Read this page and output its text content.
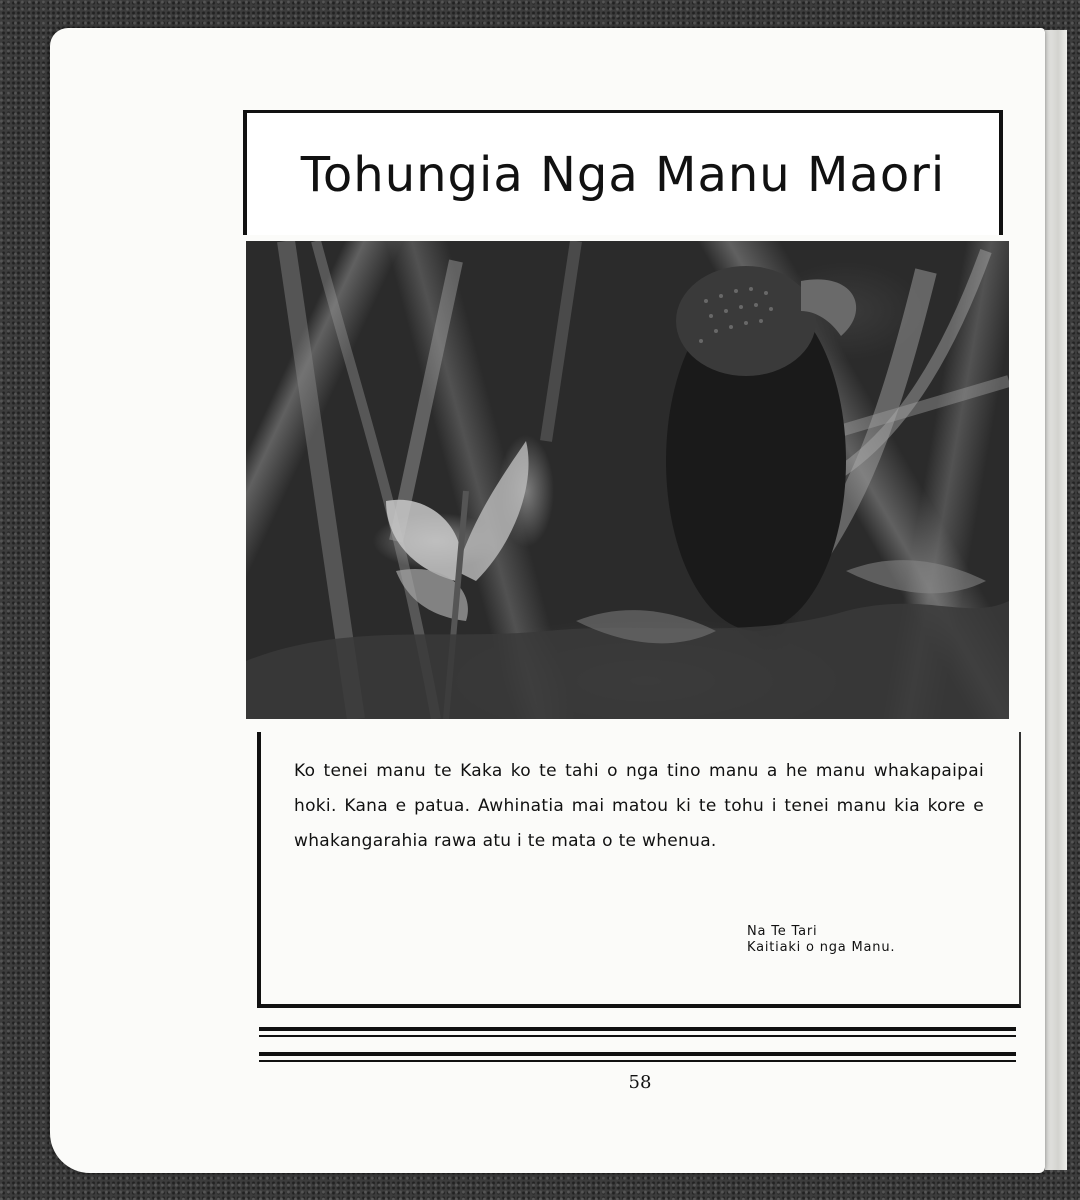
Tohungia Nga Manu Maori
Ko tenei manu te Kaka ko te tahi o nga tino manu a he manu whakapaipai hoki. Kana e patua. Awhinatia mai matou ki te tohu i tenei manu kia kore e whakangarahia rawa atu i te mata o te whenua.
Na Te Tari
Kaitiaki o nga Manu.
58
